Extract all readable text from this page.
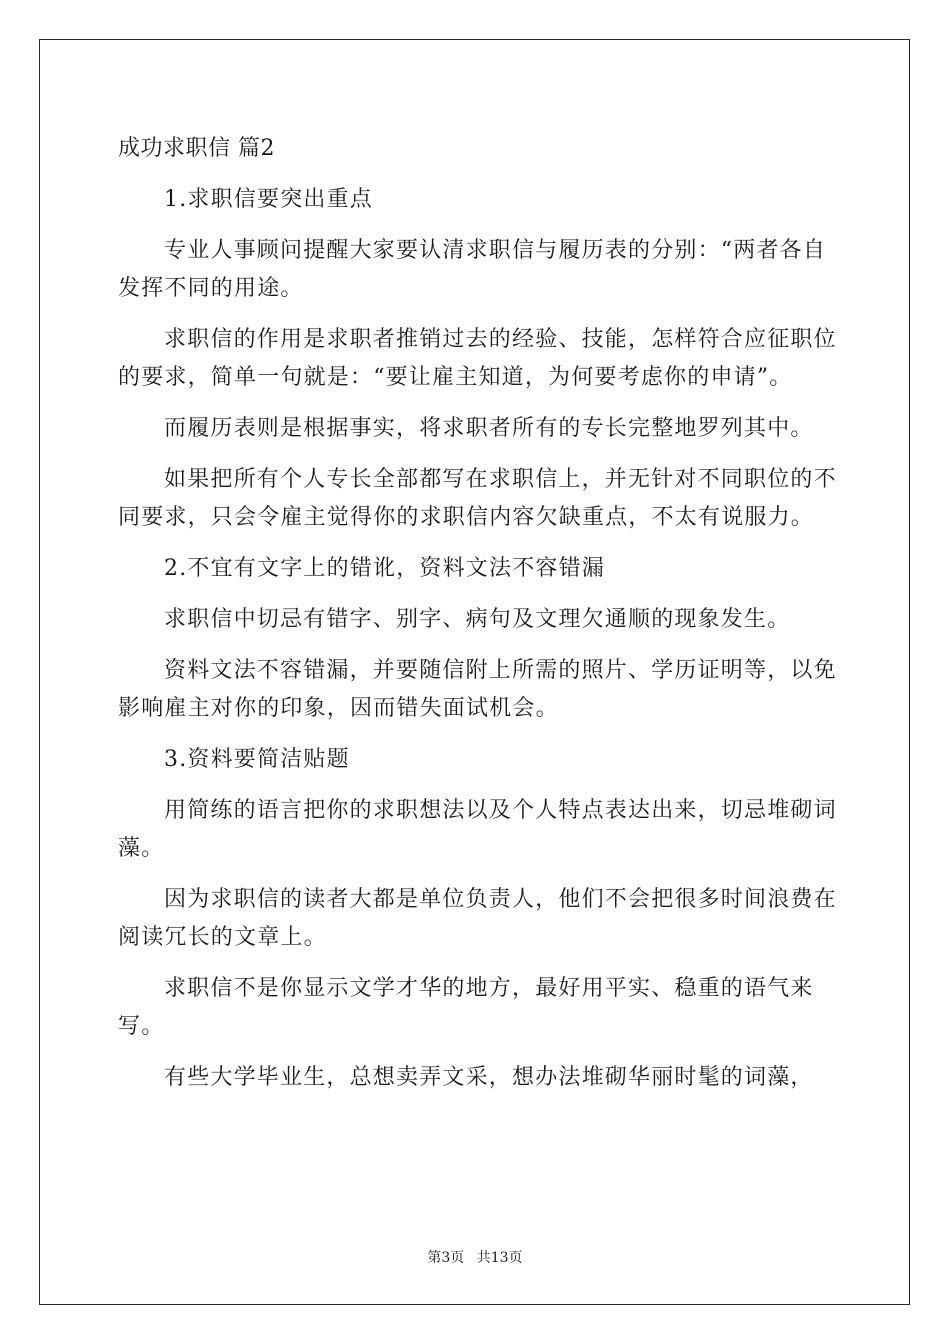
成功求职信 篇2

1.求职信要突出重点

专业人事顾问提醒大家要认清求职信与履历表的分别：“两者各自发挥不同的用途。

求职信的作用是求职者推销过去的经验、技能，怎样符合应征职位的要求，简单一句就是：“要让雇主知道，为何要考虑你的申请”。

而履历表则是根据事实，将求职者所有的专长完整地罗列其中。

如果把所有个人专长全部都写在求职信上，并无针对不同职位的不同要求，只会令雇主觉得你的求职信内容欠缺重点，不太有说服力。

2.不宜有文字上的错讹，资料文法不容错漏

求职信中切忌有错字、别字、病句及文理欠通顺的现象发生。

资料文法不容错漏，并要随信附上所需的照片、学历证明等，以免影响雇主对你的印象，因而错失面试机会。

3.资料要简洁贴题

用简练的语言把你的求职想法以及个人特点表达出来，切忌堆砌词藻。

因为求职信的读者大都是单位负责人，他们不会把很多时间浪费在阅读冗长的文章上。

求职信不是你显示文学才华的地方，最好用平实、稳重的语气来写。

有些大学毕业生，总想卖弄文采，想办法堆砌华丽时髦的词藻，

第3页 共13页
